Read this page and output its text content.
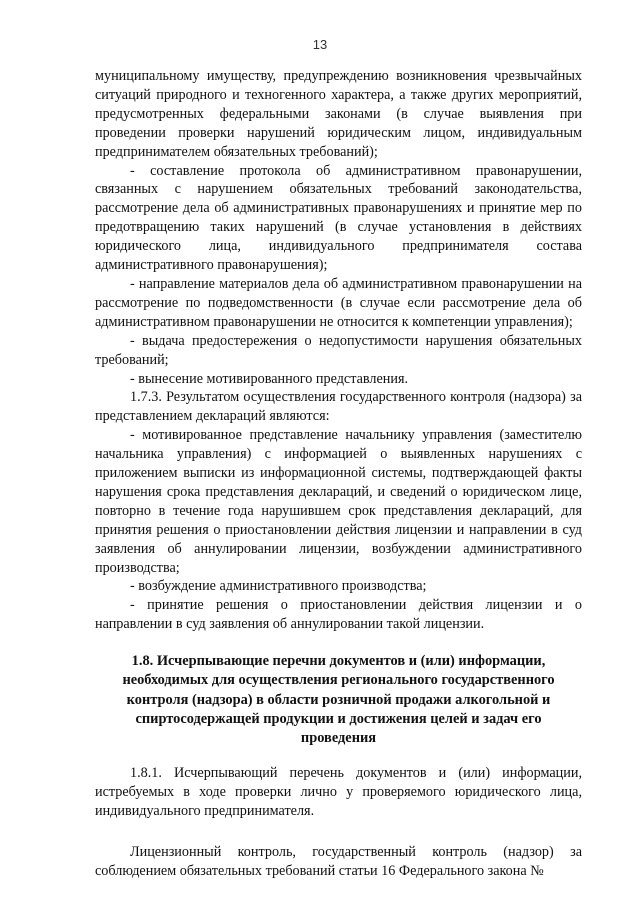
13

муниципальному имуществу, предупреждению возникновения чрезвычайных ситуаций природного и техногенного характера, а также других мероприятий, предусмотренных федеральными законами (в случае выявления при проведении проверки нарушений юридическим лицом, индивидуальным предпринимателем обязательных требований);

- составление протокола об административном правонарушении, связанных с нарушением обязательных требований законодательства, рассмотрение дела об административных правонарушениях и принятие мер по предотвращению таких нарушений (в случае установления в действиях юридического лица, индивидуального предпринимателя состава административного правонарушения);

- направление материалов дела об административном правонарушении на рассмотрение по подведомственности (в случае если рассмотрение дела об административном правонарушении не относится к компетенции управления);

- выдача предостережения о недопустимости нарушения обязательных требований;

- вынесение мотивированного представления.

1.7.3. Результатом осуществления государственного контроля (надзора) за представлением деклараций являются:

- мотивированное представление начальнику управления (заместителю начальника управления) с информацией о выявленных нарушениях с приложением выписки из информационной системы, подтверждающей факты нарушения срока представления деклараций, и сведений о юридическом лице, повторно в течение года нарушившем срок представления деклараций, для принятия решения о приостановлении действия лицензии и направлении в суд заявления об аннулировании лицензии, возбуждении административного производства;

- возбуждение административного производства;

- принятие решения о приостановлении действия лицензии и о направлении в суд заявления об аннулировании такой лицензии.

1.8. Исчерпывающие перечни документов и (или) информации, необходимых для осуществления регионального государственного контроля (надзора) в области розничной продажи алкогольной и спиртосодержащей продукции и достижения целей и задач его проведения

1.8.1. Исчерпывающий перечень документов и (или) информации, истребуемых в ходе проверки лично у проверяемого юридического лица, индивидуального предпринимателя.

Лицензионный контроль, государственный контроль (надзор) за соблюдением обязательных требований статьи 16 Федерального закона №
